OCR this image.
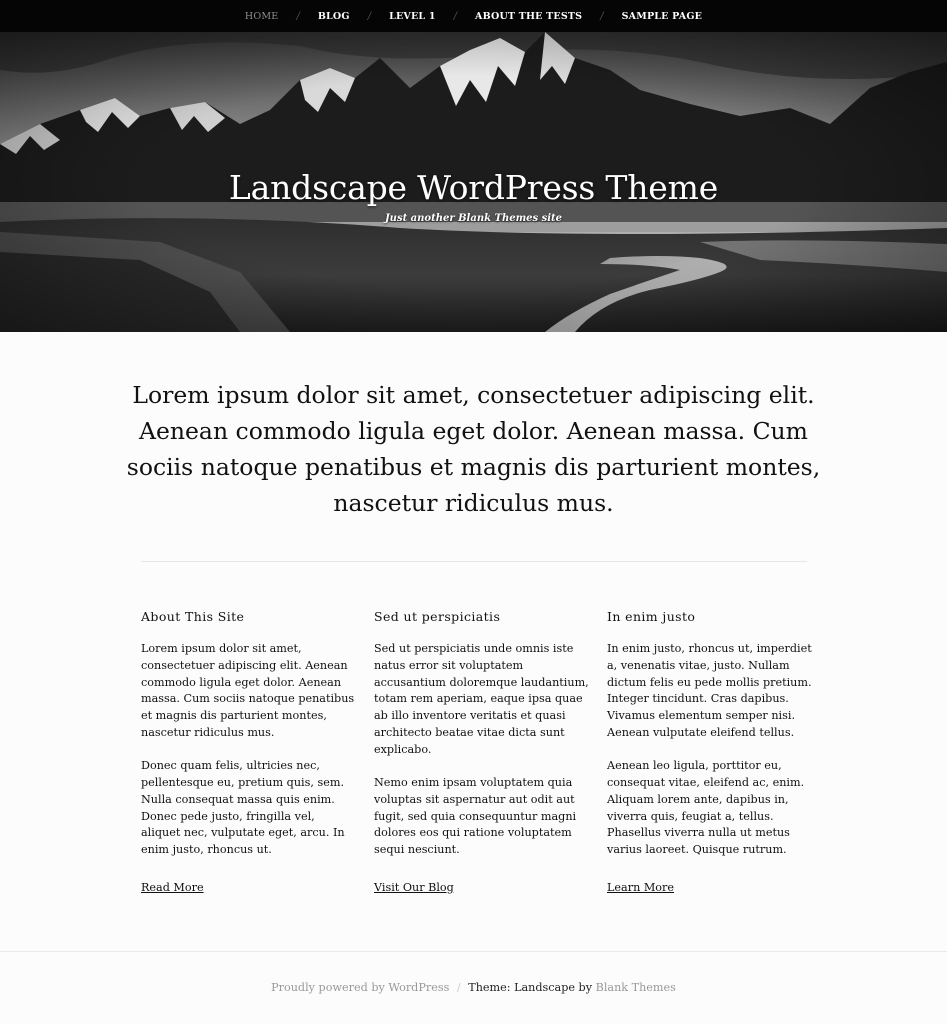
HOME	/	BLOG	/	LEVEL 1	/	ABOUT THE TESTS	/	SAMPLE PAGE
Landscape WordPress Theme
Just another Blank Themes site
Lorem ipsum dolor sit amet, consectetuer adipiscing elit. Aenean commodo ligula eget dolor. Aenean massa. Cum sociis natoque penatibus et magnis dis parturient montes, nascetur ridiculus mus.
About This Site

Lorem ipsum dolor sit amet, consectetuer adipiscing elit. Aenean commodo ligula eget dolor. Aenean massa. Cum sociis natoque penatibus et magnis dis parturient montes, nascetur ridiculus mus.

Donec quam felis, ultricies nec, pellentesque eu, pretium quis, sem. Nulla consequat massa quis enim. Donec pede justo, fringilla vel, aliquet nec, vulputate eget, arcu. In enim justo, rhoncus ut.

Read More
Sed ut perspiciatis

Sed ut perspiciatis unde omnis iste natus error sit voluptatem accusantium doloremque laudantium, totam rem aperiam, eaque ipsa quae ab illo inventore veritatis et quasi architecto beatae vitae dicta sunt explicabo.

Nemo enim ipsam voluptatem quia voluptas sit aspernatur aut odit aut fugit, sed quia consequuntur magni dolores eos qui ratione voluptatem sequi nesciunt.

Visit Our Blog
In enim justo

In enim justo, rhoncus ut, imperdiet a, venenatis vitae, justo. Nullam dictum felis eu pede mollis pretium. Integer tincidunt. Cras dapibus. Vivamus elementum semper nisi. Aenean vulputate eleifend tellus.

Aenean leo ligula, porttitor eu, consequat vitae, eleifend ac, enim. Aliquam lorem ante, dapibus in, viverra quis, feugiat a, tellus. Phasellus viverra nulla ut metus varius laoreet. Quisque rutrum.

Learn More
Proudly powered by WordPress / Theme: Landscape by Blank Themes
